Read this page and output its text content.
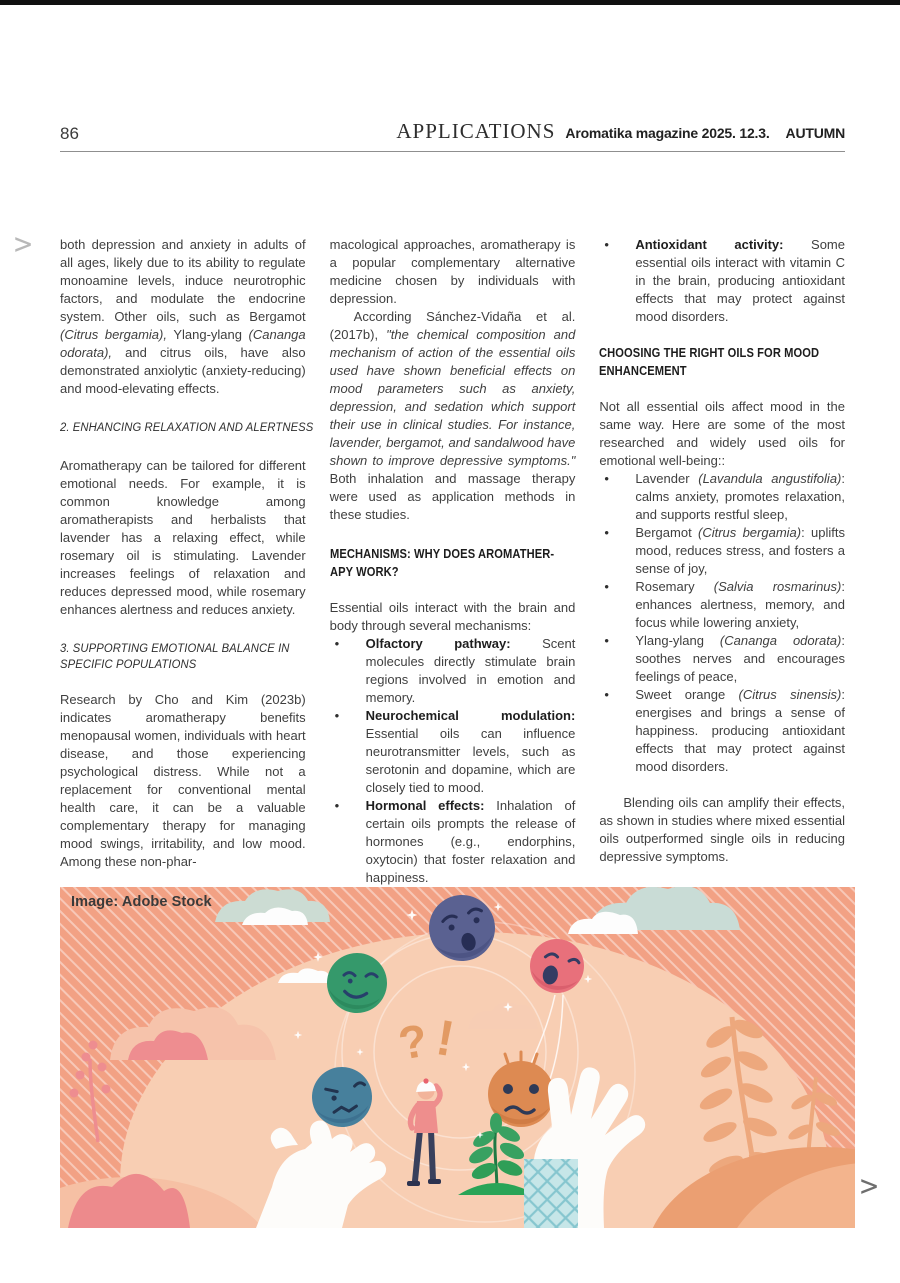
86	APPLICATIONS Aromatika magazine 2025. 12.3. AUTUMN
>
>

both depression and anxiety in adults of all ages, likely due to its ability to regulate monoamine levels, induce neurotrophic factors, and modulate the endocrine system. Other oils, such as Bergamot (Citrus bergamia), Ylang-ylang (Cananga odorata), and citrus oils, have also demonstrated anxiolytic (anxiety-reducing) and mood-elevating effects.

2. ENHANCING RELAXATION AND ALERTNESS

Aromatherapy can be tailored for different emotional needs. For example, it is common knowledge among aromatherapists and herbalists that lavender has a relaxing effect, while rosemary oil is stimulating. Lavender increases feelings of relaxation and reduces depressed mood, while rosemary enhances alertness and reduces anxiety.

3. SUPPORTING EMOTIONAL BALANCE IN SPECIFIC POPULATIONS

Research by Cho and Kim (2023b) indicates aromatherapy benefits menopausal women, individuals with heart disease, and those experiencing psychological distress. While not a replacement for conventional mental health care, it can be a valuable complementary therapy for managing mood swings, irritability, and low mood. Among these non-phar-

macological approaches, aromatherapy is a popular complementary alternative medicine chosen by individuals with depression.

According Sánchez-Vidaña et al. (2017b), "the chemical composition and mechanism of action of the essential oils used have shown beneficial effects on mood parameters such as anxiety, depression, and sedation which support their use in clinical studies. For instance, lavender, bergamot, and sandalwood have shown to improve depressive symptoms." Both inhalation and massage therapy were used as application methods in these studies.

MECHANISMS: WHY DOES AROMATHER-
APY WORK?

Essential oils interact with the brain and body through several mechanisms:

• Olfactory pathway: Scent molecules directly stimulate brain regions involved in emotion and memory.
• Neurochemical modulation: Essential oils can influence neurotransmitter levels, such as serotonin and dopamine, which are closely tied to mood.
• Hormonal effects: Inhalation of certain oils prompts the release of hormones (e.g., endorphins, oxytocin) that foster relaxation and happiness.
• Antioxidant activity: Some essential oils interact with vitamin C in the brain, producing antioxidant effects that may protect against mood disorders.
CHOOSING THE RIGHT OILS FOR MOOD
ENHANCEMENT

Not all essential oils affect mood in the same way. Here are some of the most researched and widely used oils for emotional well-being::

• Lavender (Lavandula angustifolia): calms anxiety, promotes relaxation, and supports restful sleep,
• Bergamot (Citrus bergamia): uplifts mood, reduces stress, and fosters a sense of joy,
• Rosemary (Salvia rosmarinus): enhances alertness, memory, and focus while lowering anxiety,
• Ylang-ylang (Cananga odorata): soothes nerves and encourages feelings of peace,
• Sweet orange (Citrus sinensis): energises and brings a sense of happiness. producing antioxidant effects that may protect against mood disorders.

Blending oils can amplify their effects, as shown in studies where mixed essential oils outperformed single oils in reducing depressive symptoms.

? !
Image: Adobe Stock
